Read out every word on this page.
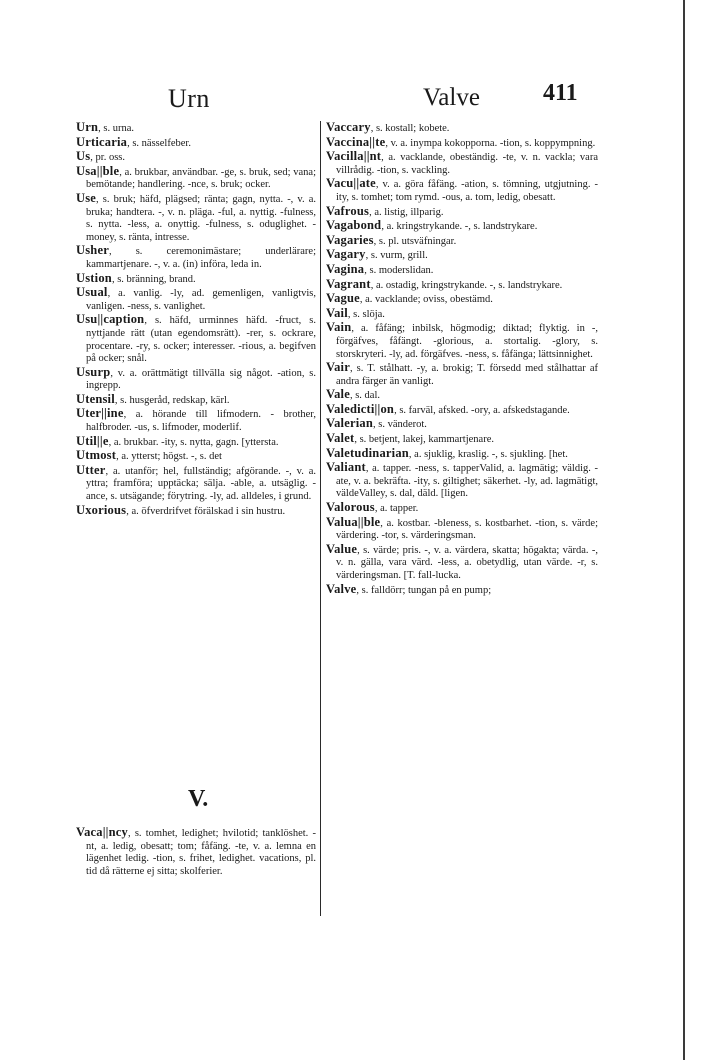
Urn	Valve	411

Urn, s. urna.

Urticaria, s. nässelfeber.

Us, pr. oss.

Usa||ble, a. brukbar, användbar. -ge, s. bruk, sed; vana; bemötande; handlering. -nce, s. bruk; ocker.

Use, s. bruk; häfd, plägsed; ränta; gagn, nytta. -, v. a. bruka; handtera. -, v. n. pläga. -ful, a. nyttig. -fulness, s. nytta. -less, a. onyttig. -fulness, s. oduglighet. -money, s. ränta, intresse.

Usher, s. ceremonimästare; underlärare; kammartjenare. -, v. a. (in) införa, leda in.

Ustion, s. bränning, brand.

Usual, a. vanlig. -ly, ad. gemenligen, vanligtvis, vanligen. -ness, s. vanlighet.

Usu||caption, s. häfd, urminnes häfd. -fruct, s. nyttjande rätt (utan egendomsrätt). -rer, s. ockrare, procentare. -ry, s. ocker; interesser. -rious, a. begifven på ocker; snål.

Usurp, v. a. orättmätigt tillvälla sig något. -ation, s. ingrepp.

Utensil, s. husgeråd, redskap, kärl.

Uter||ine, a. hörande till lifmodern. - brother, halfbroder. -us, s. lifmoder, moderlif.

Util||e, a. brukbar. -ity, s. nytta, gagn. [yttersta.

Utmost, a. ytterst; högst. -, s. det

Utter, a. utanför; hel, fullständig; afgörande. -, v. a. yttra; framföra; upptäcka; sälja. -able, a. utsäglig. -ance, s. utsägande; förytring. -ly, ad. alldeles, i grund.

Uxorious, a. öfverdrifvet förälskad i sin hustru.

V.

Vaca||ncy, s. tomhet, ledighet; hvilotid; tanklöshet. -nt, a. ledig, obesatt; tom; fåfäng. -te, v. a. lemna en lägenhet ledig. -tion, s. frihet, ledighet. vacations, pl. tid då rätterne ej sitta; skolferier.

Vaccary, s. kostall; kobete.

Vaccina||te, v. a. inympa kokopporna. -tion, s. koppympning.

Vacilla||nt, a. vacklande, obeständig. -te, v. n. vackla; vara villrådig. -tion, s. vackling.

Vacu||ate, v. a. göra fåfäng. -ation, s. tömning, utgjutning. -ity, s. tomhet; tom rymd. -ous, a. tom, ledig, obesatt.

Vafrous, a. listig, illparig.

Vagabond, a. kringstrykande. -, s. landstrykare.

Vagaries, s. pl. utsväfningar.

Vagary, s. vurm, grill.

Vagina, s. moderslidan.

Vagrant, a. ostadig, kringstrykande. -, s. landstrykare.

Vague, a. vacklande; oviss, obestämd.

Vail, s. slöja.

Vain, a. fåfäng; inbilsk, högmodig; diktad; flyktig. in -, förgäfves, fåfängt. -glorious, a. stortalig. -glory, s. storskryteri. -ly, ad. förgäfves. -ness, s. fåfänga; lättsinnighet.

Vair, s. T. stålhatt. -y, a. brokig; T. försedd med stålhattar af andra färger än vanligt.

Vale, s. dal.

Valedicti||on, s. farväl, afsked. -ory, a. afskedstagande.

Valerian, s. vänderot.

Valet, s. betjent, lakej, kammartjenare.

Valetudinarian, a. sjuklig, kraslig. -, s. sjukling. [het.

Valiant, a. tapper. -ness, s. tapperValid, a. lagmätig; väldig. -ate, v. a. bekräfta. -ity, s. giltighet; säkerhet. -ly, ad. lagmätigt, väldeValley, s. dal, däld. [ligen.

Valorous, a. tapper.

Valua||ble, a. kostbar. -bleness, s. kostbarhet. -tion, s. värde; värdering. -tor, s. värderingsman.

Value, s. värde; pris. -, v. a. värdera, skatta; högakta; värda. -, v. n. gälla, vara värd. -less, a. obetydlig, utan värde. -r, s. värderingsman. [T. fall-lucka.

Valve, s. falldörr; tungan på en pump;
